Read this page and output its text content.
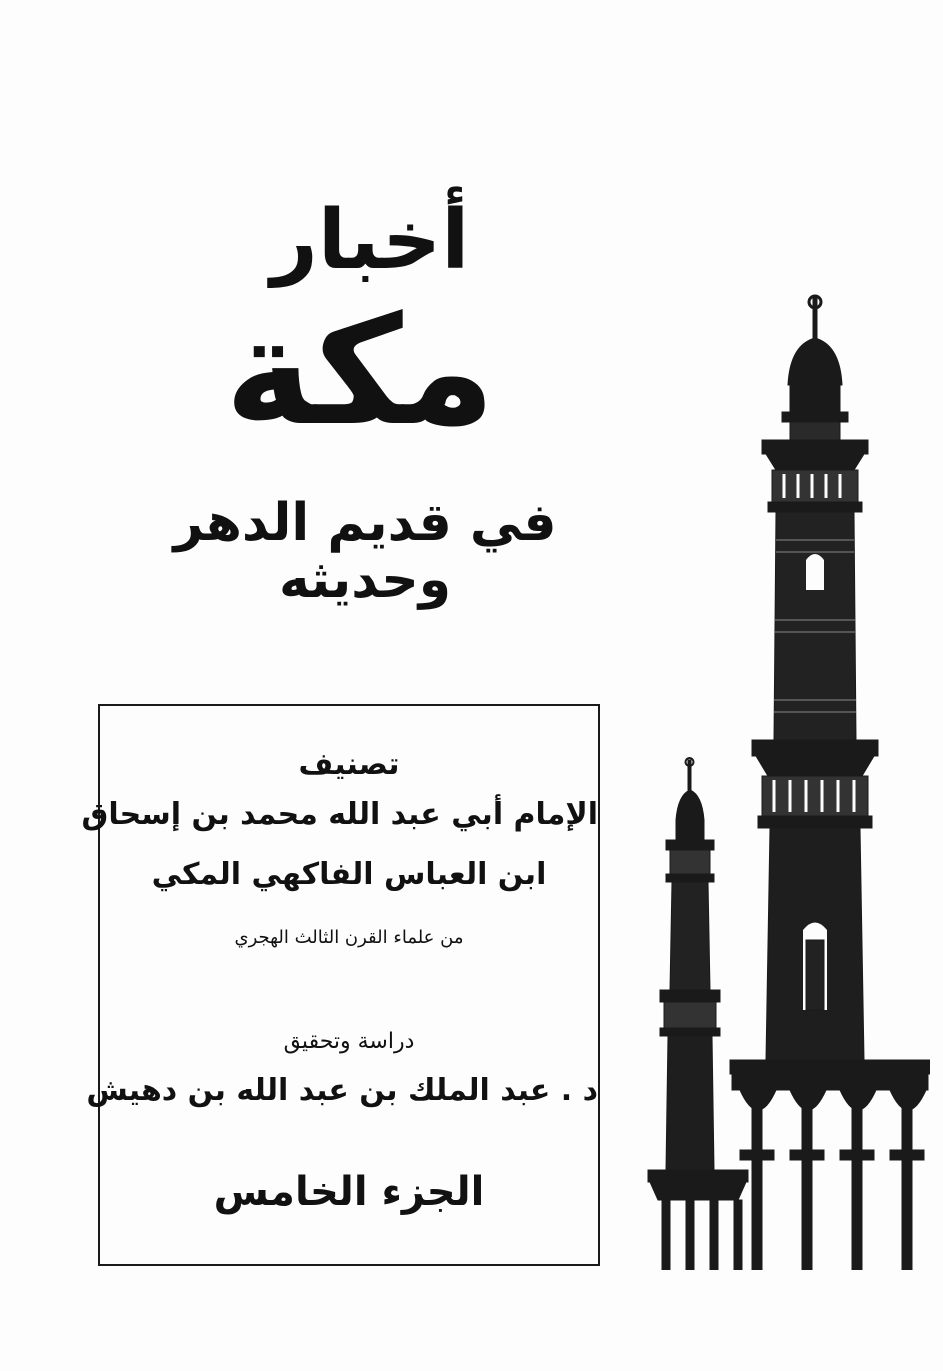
أخبار
مكة
في قديم الدهر وحديثه
تصنيف
الإمام أبي عبد الله محمد بن إسحاق
ابن العباس الفاكهي المكي
من علماء القرن الثالث الهجري
دراسة وتحقيق
د . عبد الملك بن عبد الله بن دهيش
الجزء الخامس
